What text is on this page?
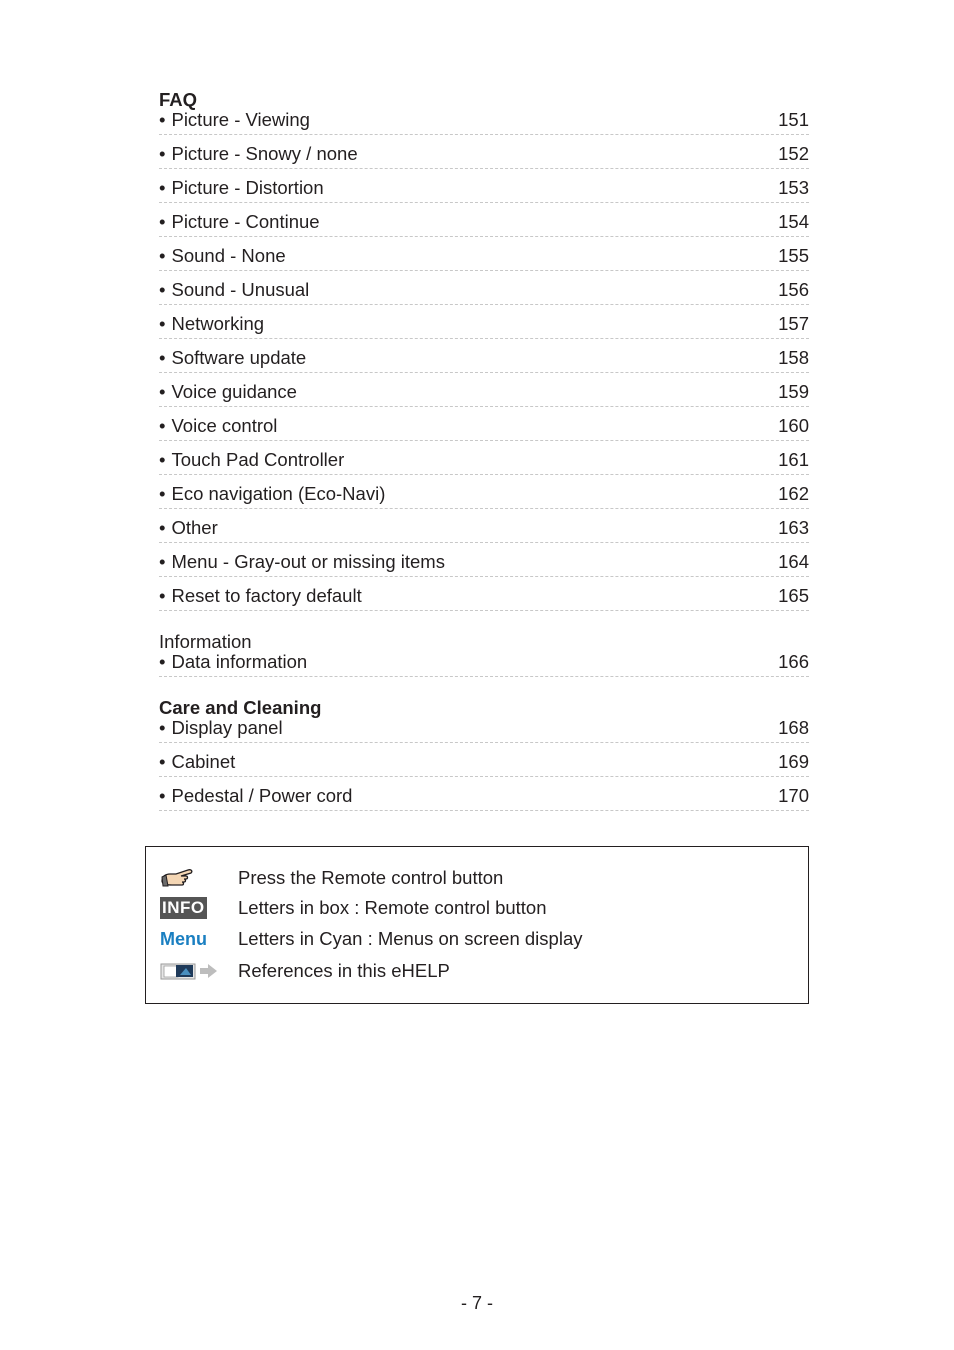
FAQ
• Picture - Viewing	151
• Picture - Snowy / none	152
• Picture - Distortion	153
• Picture - Continue	154
• Sound - None	155
• Sound - Unusual	156
• Networking	157
• Software update	158
• Voice guidance	159
• Voice control	160
• Touch Pad Controller	161
• Eco navigation (Eco-Navi)	162
• Other	163
• Menu - Gray-out or missing items	164
• Reset to factory default	165
Information
• Data information	166
Care and Cleaning
• Display panel	168
• Cabinet	169
• Pedestal / Power cord	170
Press the Remote control button
INFO Letters in box : Remote control button
Menu Letters in Cyan : Menus on screen display
References in this eHELP
- 7 -
